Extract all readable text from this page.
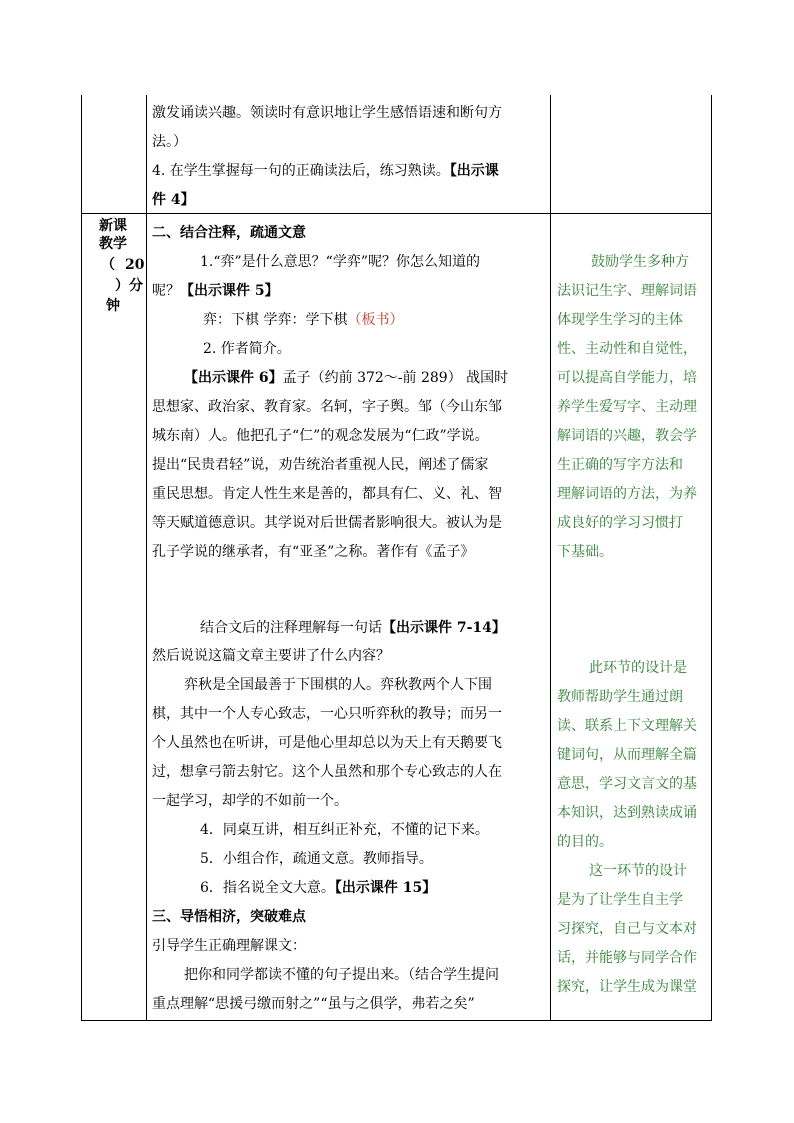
新课
教学
（ 20
）分
钟
激发诵读兴趣。领读时有意识地让学生感悟语速和断句方
法。）
4. 在学生掌握每一句的正确读法后，练习熟读。【出示课
件 4】
二、结合注释，疏通文意
1.“弈”是什么意思？“学弈”呢？你怎么知道的
呢？【出示课件 5】
弈：下棋 学弈：学下棋（板书）
2. 作者简介。
【出示课件 6】孟子（约前 372～-前 289） 战国时
思想家、政治家、教育家。名轲，字子舆。邹（今山东邹
城东南）人。他把孔子“仁”的观念发展为“仁政”学说。
提出“民贵君轻”说，劝告统治者重视人民，阐述了儒家
重民思想。肯定人性生来是善的，都具有仁、义、礼、智
等天赋道德意识。其学说对后世儒者影响很大。被认为是
孔子学说的继承者，有“亚圣”之称。著作有《孟子》
结合文后的注释理解每一句话【出示课件 7-14】
然后说说这篇文章主要讲了什么内容？
弈秋是全国最善于下围棋的人。弈秋教两个人下围
棋，其中一个人专心致志，一心只听弈秋的教导；而另一
个人虽然也在听讲，可是他心里却总以为天上有天鹅要飞
过，想拿弓箭去射它。这个人虽然和那个专心致志的人在
一起学习，却学的不如前一个。
4．同桌互讲，相互纠正补充，不懂的记下来。
5．小组合作，疏通文意。教师指导。
6．指名说全文大意。【出示课件 15】
三、导悟相济，突破难点
引导学生正确理解课文：
把你和同学都读不懂的句子提出来。（结合学生提问
重点理解“思援弓缴而射之”“虽与之俱学，弗若之矣”
鼓励学生多种方
法识记生字、理解词语
体现学生学习的主体
性、主动性和自觉性，
可以提高自学能力，培
养学生爱写字、主动理
解词语的兴趣，教会学
生正确的写字方法和
理解词语的方法，为养
成良好的学习习惯打
下基础。
此环节的设计是
教师帮助学生通过朗
读、联系上下文理解关
键词句，从而理解全篇
意思，学习文言文的基
本知识，达到熟读成诵
的目的。
这一环节的设计
是为了让学生自主学
习探究，自己与文本对
话，并能够与同学合作
探究，让学生成为课堂
